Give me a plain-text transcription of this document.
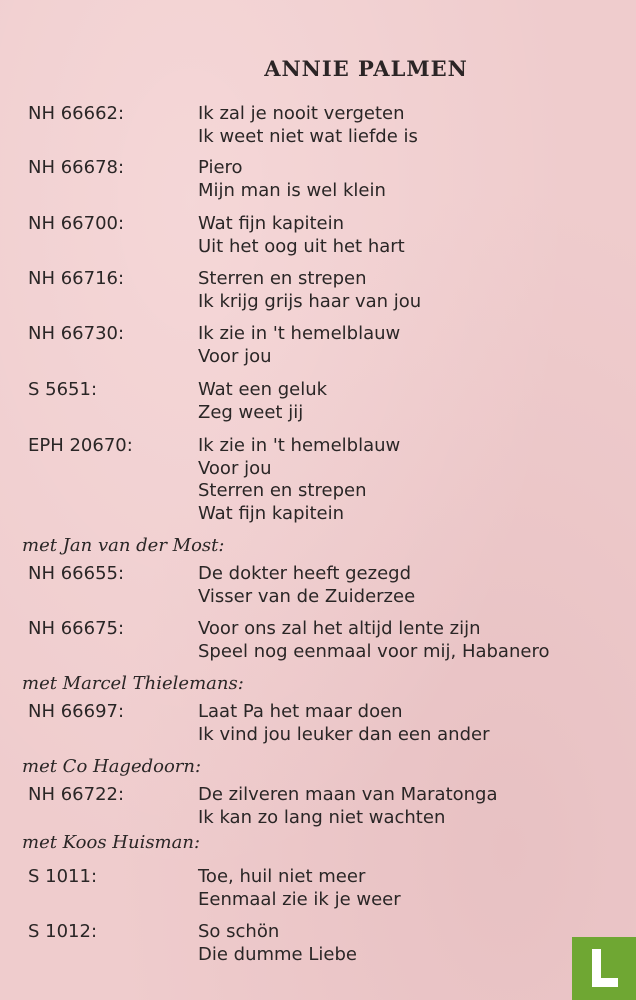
ANNIE PALMEN
NH 66662:	Ik zal je nooit vergeten
Ik weet niet wat liefde is
NH 66678:	Piero
Mijn man is wel klein
NH 66700:	Wat fijn kapitein
Uit het oog uit het hart
NH 66716:	Sterren en strepen
Ik krijg grijs haar van jou
NH 66730:	Ik zie in 't hemelblauw
Voor jou
S 5651:	Wat een geluk
Zeg weet jij
EPH 20670:	Ik zie in 't hemelblauw
Voor jou
Sterren en strepen
Wat fijn kapitein
met Jan van der Most:
NH 66655:	De dokter heeft gezegd
Visser van de Zuiderzee
NH 66675:	Voor ons zal het altijd lente zijn
Speel nog eenmaal voor mij, Habanero
met Marcel Thielemans:
NH 66697:	Laat Pa het maar doen
Ik vind jou leuker dan een ander
met Co Hagedoorn:
NH 66722:	De zilveren maan van Maratonga
Ik kan zo lang niet wachten
met Koos Huisman:
S 1011:	Toe, huil niet meer
Eenmaal zie ik je weer
S 1012:	So schön
Die dumme Liebe
